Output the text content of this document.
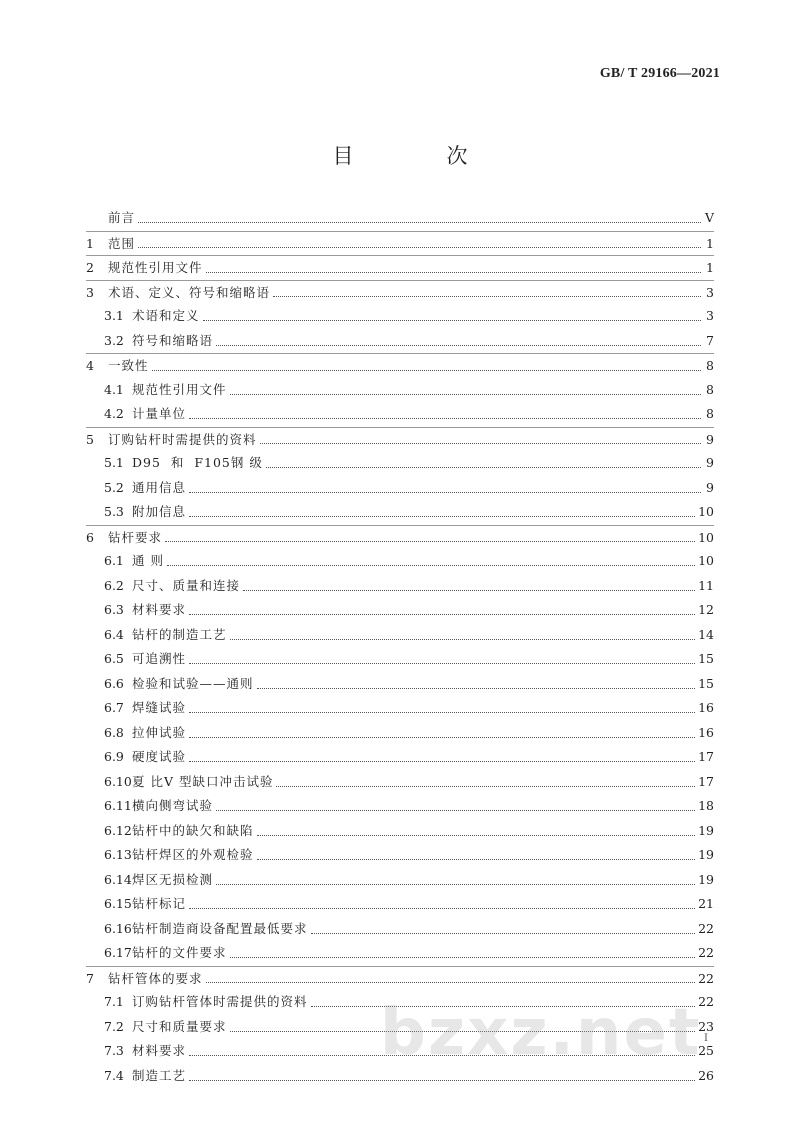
GB/ T 29166—2021
目　次
前言	V
1	范围	1
2	规范性引用文件	1
3	术语、定义、符号和缩略语	3
3.1 术语和定义	3
3.2 符号和缩略语	7
4	一致性	8
4.1 规范性引用文件	8
4.2 计量单位	8
5	订购钻杆时需提供的资料	9
5.1 D95  和  F105钢 级	9
5.2 通用信息	9
5.3 附加信息	10
6	钻杆要求	10
6.1 通 则	10
6.2 尺寸、质量和连接	11
6.3 材料要求	12
6.4 钻杆的制造工艺	14
6.5 可追溯性	15
6.6 检验和试验——通则	15
6.7 焊缝试验	16
6.8 拉伸试验	16
6.9 硬度试验	17
6.10 夏 比V 型缺口冲击试验	17
6.11 横向侧弯试验	18
6.12 钻杆中的缺欠和缺陷	19
6.13 钻杆焊区的外观检验	19
6.14 焊区无损检测	19
6.15 钻杆标记	21
6.16 钻杆制造商设备配置最低要求	22
6.17 钻杆的文件要求	22
7	钻杆管体的要求	22
7.1 订购钻杆管体时需提供的资料	22
7.2 尺寸和质量要求	23
7.3 材料要求	25
7.4 制造工艺	26
I
bzxz.net
